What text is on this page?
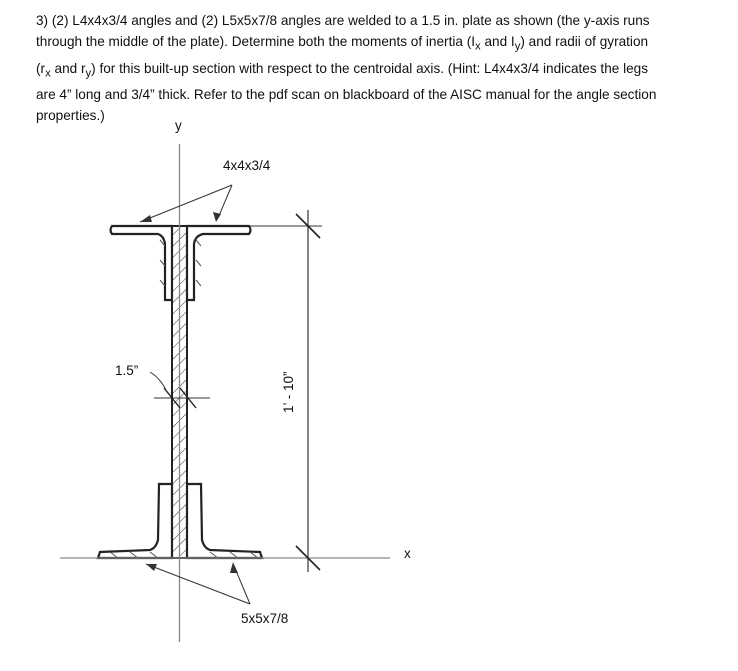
3) (2) L4x4x3/4 angles and (2) L5x5x7/8 angles are welded to a 1.5 in. plate as shown (the y-axis runs

through the middle of the plate). Determine both the moments of inertia ($I_x$ and $I_y$) and radii of gyration

($r_x$ and $r_y$) for this built-up section with respect to the centroidal axis. (Hint: L4x4x3/4 indicates the legs

are 4” long and 3/4” thick. Refer to the pdf scan on blackboard of the AISC manual for the angle section

properties.)

y
x
4x4x3/4
5x5x7/8
1.5”
1’ - 10”
